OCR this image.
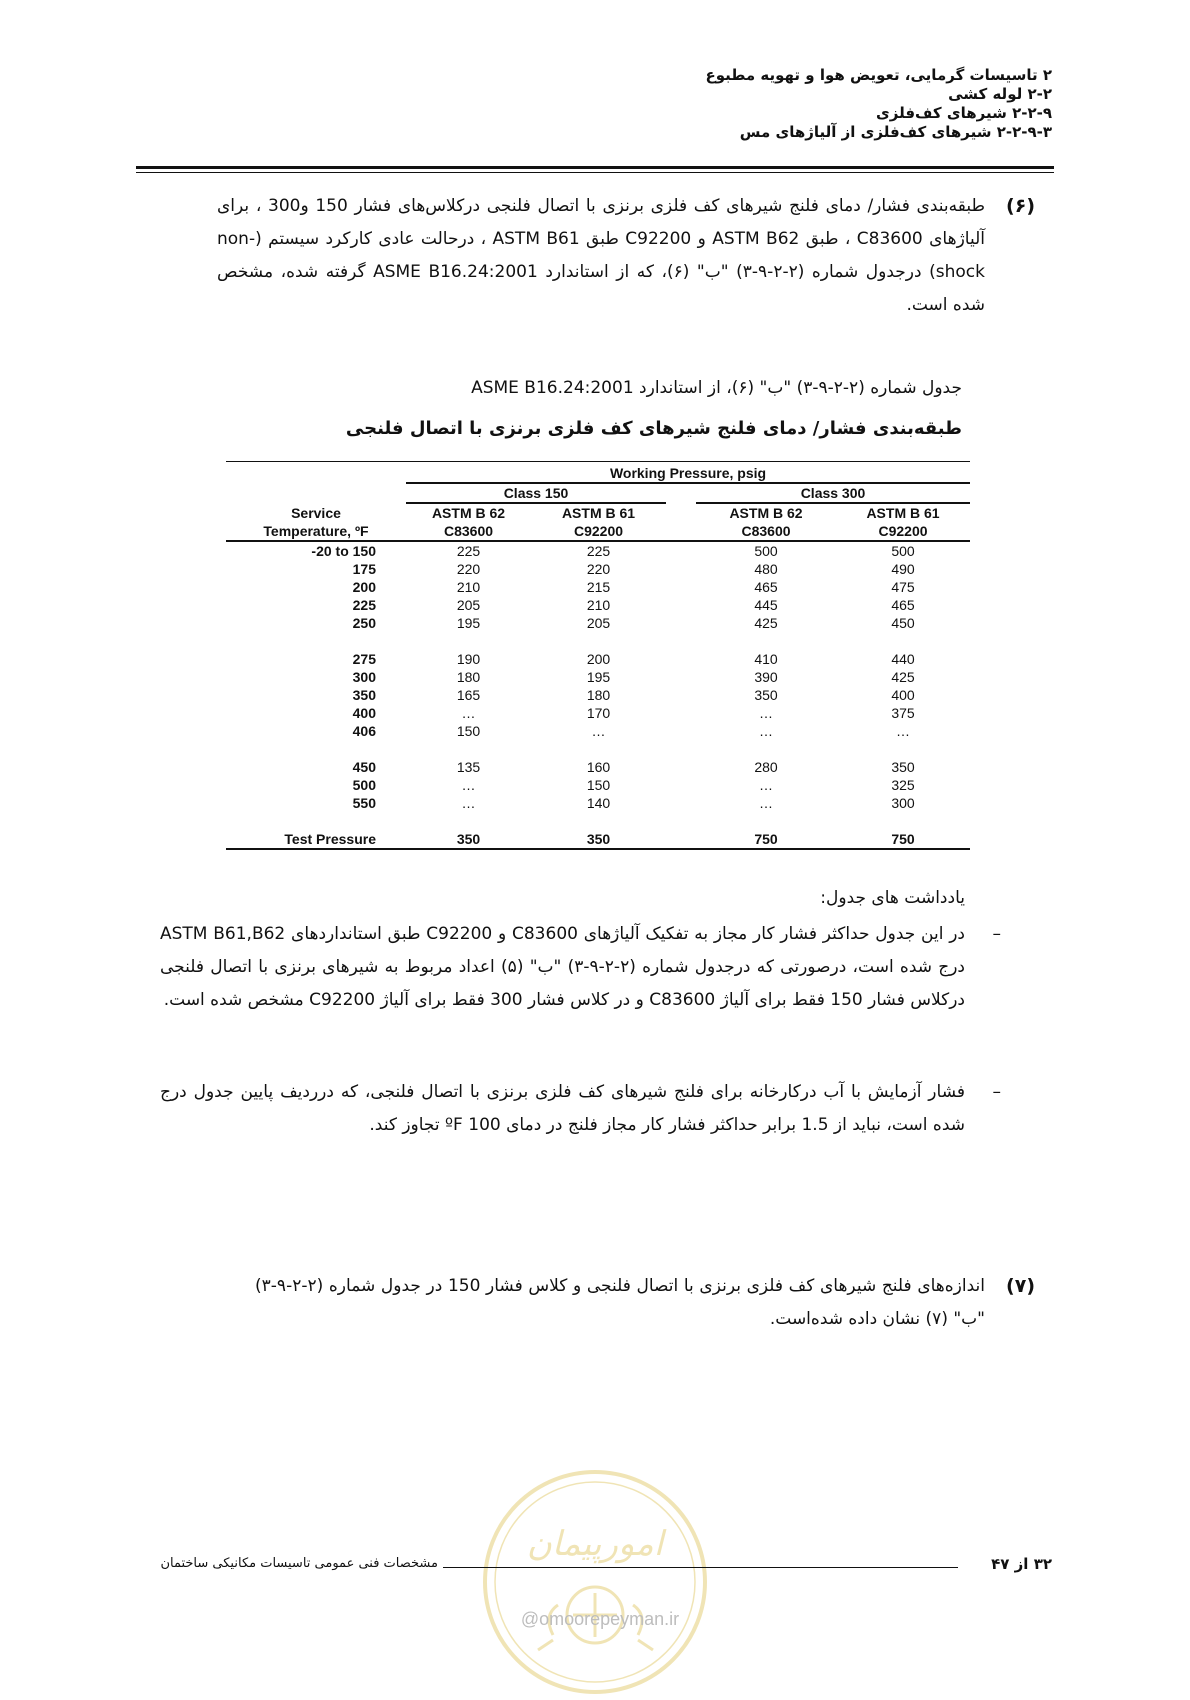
۲ تاسیسات گرمایی، تعویض هوا و تهویه مطبوع
۲-۲ لوله کشی
۲-۲-۹ شیرهای کف‌فلزی
۲-۲-۹-۳ شیرهای کف‌فلزی از آلیاژهای مس
(۶)
طبقه‌بندی فشار/ دمای فلنج شیرهای کف فلزی برنزی با اتصال فلنجی درکلاس‌های فشار 150 و300 ، برای آلیاژهای C83600 ، طبق ASTM B62 و C92200 طبق ASTM B61 ، درحالت عادی کارکرد سیستم (non-shock) درجدول شماره (۲-۲-۹-۳) "ب" (۶)، که از استاندارد ASME B16.24:2001 گرفته شده، مشخص شده است.
جدول شماره (۲-۲-۹-۳) "ب" (۶)، از استاندارد ASME B16.24:2001
طبقه‌بندی فشار/ دمای فلنج شیرهای کف فلزی برنزی با اتصال فلنجی
	Working Pressure, psig				
	Class 150			Class 300	
Service	ASTM B 62	ASTM B 61		ASTM B 62	ASTM B 61
Temperature, ºF	C83600	C92200		C83600	C92200
-20 to 150	225	225		500	500
175	220	220		480	490
200	210	215		465	475
225	205	210		445	465
250	195	205		425	450

275	190	200		410	440
300	180	195		390	425
350	165	180		350	400
400	…	170		…	375
406	150	…		…	…

450	135	160		280	350
500	…	150		…	325
550	…	140		…	300

Test Pressure	350	350		750	750
یادداشت های جدول:
–
در این جدول حداکثر فشار کار مجاز به تفکیک آلیاژهای C83600 و C92200 طبق استانداردهای ASTM B61,B62 درج شده است، درصورتی که درجدول شماره (۲-۲-۹-۳) "ب" (۵) اعداد مربوط به شیرهای برنزی با اتصال فلنجی درکلاس فشار 150 فقط برای آلیاژ C83600 و در کلاس فشار 300 فقط برای آلیاژ C92200 مشخص شده است.
–
فشار آزمایش با آب درکارخانه برای فلنج شیرهای کف فلزی برنزی با اتصال فلنجی، که درردیف پایین جدول درج شده است، نباید از 1.5 برابر حداکثر فشار کار مجاز فلنج در دمای 100 ºF تجاوز کند.
(۷)
اندازه‌های فلنج شیرهای کف فلزی برنزی با اتصال فلنجی و کلاس فشار 150 در جدول شماره (۲-۲-۹-۳) "ب" (۷) نشان داده شده‌است.
امورپیمان
مشخصات فنی عمومی تاسیسات مکانیکی ساختمان	۳۲ از ۴۷
@omoorepeyman.ir
